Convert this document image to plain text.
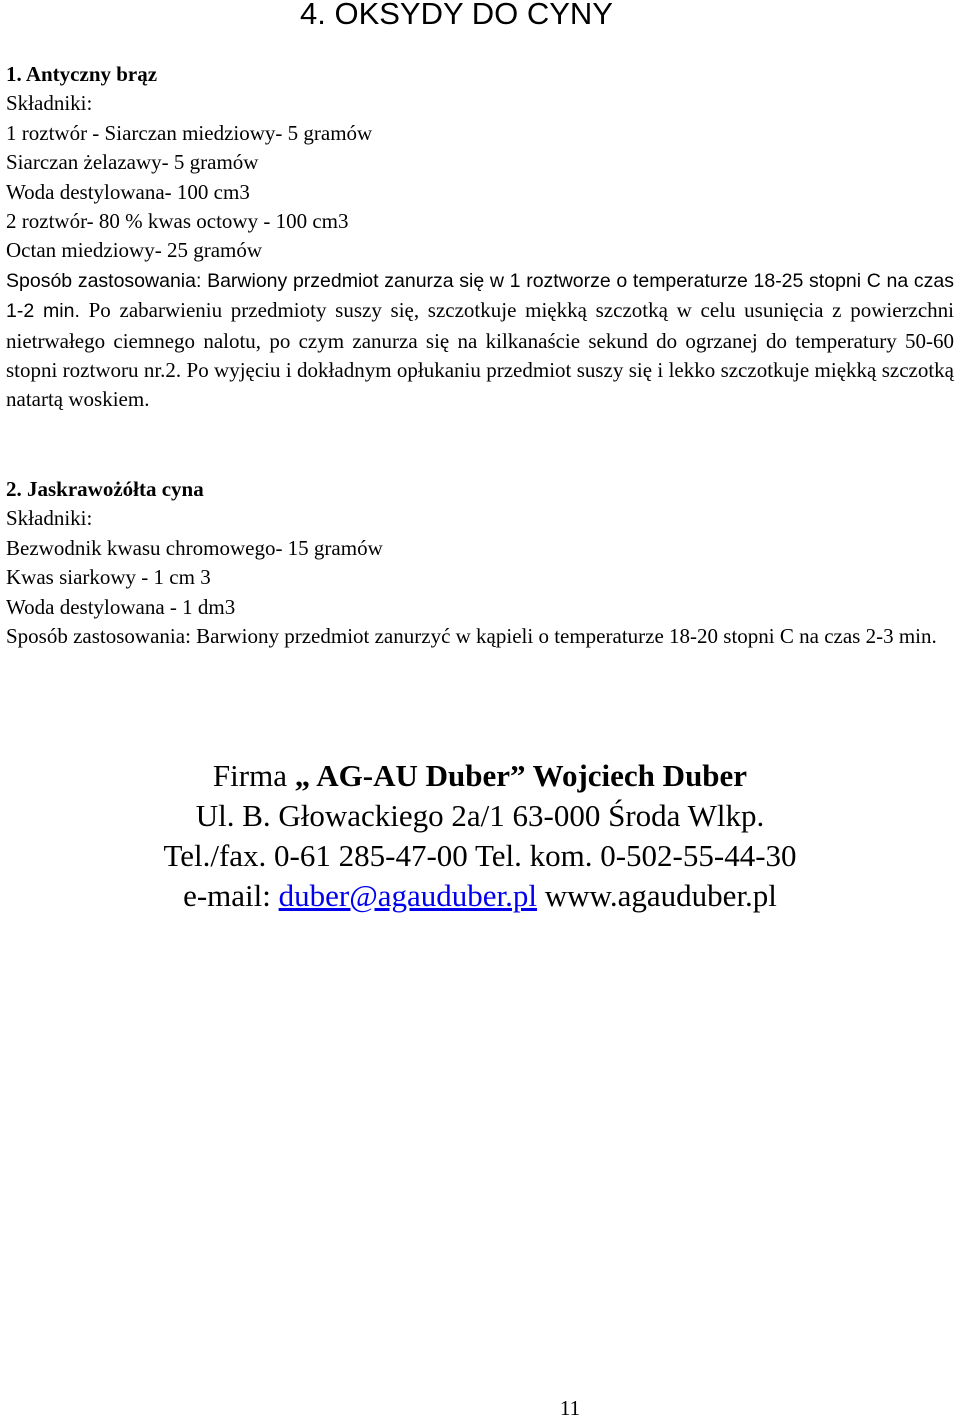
4. OKSYDY DO CYNY
1. Antyczny brąz
Składniki:
1 roztwór - Siarczan miedziowy- 5 gramów
Siarczan żelazawy- 5 gramów
Woda destylowana- 100 cm3
2 roztwór- 80 % kwas octowy - 100 cm3
Octan miedziowy- 25 gramów
Sposób zastosowania: Barwiony przedmiot zanurza się w 1 roztworze o temperaturze 18-25 stopni C na czas 1-2 min. Po zabarwieniu przedmioty suszy się, szczotkuje miękką szczotką w celu usunięcia z powierzchni nietrwałego ciemnego nalotu, po czym zanurza się na kilkanaście sekund do ogrzanej do temperatury 50-60 stopni roztworu nr.2. Po wyjęciu i dokładnym opłukaniu przedmiot suszy się i lekko szczotkuje miękką szczotką natartą woskiem.
2. Jaskrawożółta cyna
Składniki:
Bezwodnik kwasu chromowego- 15 gramów
Kwas siarkowy - 1 cm 3
Woda destylowana - 1 dm3
Sposób zastosowania: Barwiony przedmiot zanurzyć w kąpieli o temperaturze 18-20 stopni C na czas 2-3 min.
Firma „ AG-AU Duber” Wojciech Duber
Ul. B. Głowackiego 2a/1 63-000 Środa Wlkp.
Tel./fax. 0-61 285-47-00 Tel. kom. 0-502-55-44-30
e-mail: duber@agauduber.pl www.agauduber.pl
11
